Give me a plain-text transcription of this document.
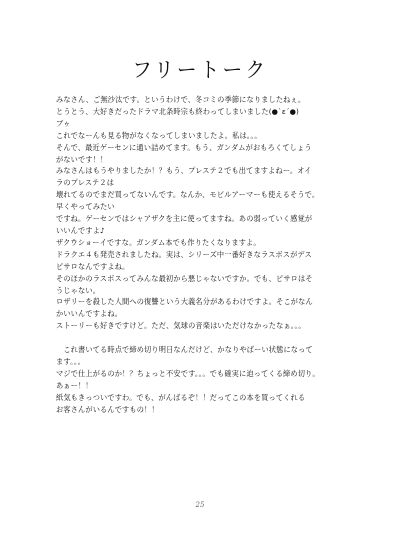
フリートーク
みなさん、ご無沙汰です。というわけで、冬コミの季節になりましたねぇ。
とうとう、大好きだったドラマ北条時宗も終わってしまいました(●`ε´●)
ブゥ
これでなーんも見る物がなくなってしまいましたよ。私は。。。
そんで、最近ゲーセンに通い詰めてます。もう、ガンダムがおもろくてしょう
がないです！！
みなさんはもうやりましたか！？もう、プレステ２でも出てますよねー。オイ
ラのプレステ２は
壊れてるのでまだ買ってないんです。なんか、モビルアーマーも使えるそうで。
早くやってみたい
ですね。ゲーセンではシャアザクを主に使ってますね。あの弱っていく感覚が
いいんですよ♪
ザクウショーイですな。ガンダム本でも作りたくなりますよ。
ドラクエ４も発売されましたね。実は、シリーズ中一番好きなラスボスがデス
ピサロなんですよね。
そのほかのラスボスってみんな最初から悪じゃないですか。でも、ピサロはそ
うじゃない。
ロザリーを殺した人間への復讐という大義名分があるわけですよ。そこがなん
かいいんですよね。
ストーリーも好きですけど。ただ、気球の音楽はいただけなかったなぁ。。。
　これ書いてる時点で締め切り明日なんだけど、かなりやばーい状態になって
ます。。。
マジで仕上がるのか！？ちょっと不安です。。。でも確実に迫ってくる締め切り。
あぁー！！
紙気もきっついですわ。でも、がんばるぞ！！だってこの本を買ってくれる
お客さんがいるんですもの！！
25
